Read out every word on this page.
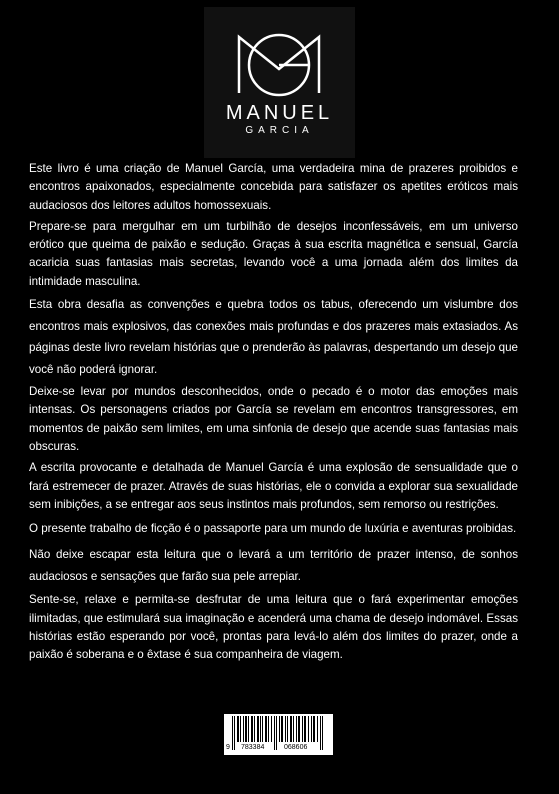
MANUEL
GARCIA

Este livro é uma criação de Manuel García, uma verdadeira mina de prazeres proibidos e encontros apaixonados, especialmente concebida para satisfazer os apetites eróticos mais audaciosos dos leitores adultos homossexuais.

Prepare-se para mergulhar em um turbilhão de desejos inconfessáveis, em um universo erótico que queima de paixão e sedução. Graças à sua escrita magnética e sensual, García acaricia suas fantasias mais secretas, levando você a uma jornada além dos limites da intimidade masculina.

Esta obra desafia as convenções e quebra todos os tabus, oferecendo um vislumbre dos encontros mais explosivos, das conexões mais profundas e dos prazeres mais extasiados. As páginas deste livro revelam histórias que o prenderão às palavras, despertando um desejo que você não poderá ignorar.

Deixe-se levar por mundos desconhecidos, onde o pecado é o motor das emoções mais intensas. Os personagens criados por García se revelam em encontros transgressores, em momentos de paixão sem limites, em uma sinfonia de desejo que acende suas fantasias mais obscuras.

A escrita provocante e detalhada de Manuel García é uma explosão de sensualidade que o fará estremecer de prazer. Através de suas histórias, ele o convida a explorar sua sexualidade sem inibições, a se entregar aos seus instintos mais profundos, sem remorso ou restrições.

O presente trabalho de ficção é o passaporte para um mundo de luxúria e aventuras proibidas.

Não deixe escapar esta leitura que o levará a um território de prazer intenso, de sonhos audaciosos e sensações que farão sua pele arrepiar.

Sente-se, relaxe e permita-se desfrutar de uma leitura que o fará experimentar emoções ilimitadas, que estimulará sua imaginação e acenderá uma chama de desejo indomável. Essas histórias estão esperando por você, prontas para levá-lo além dos limites do prazer, onde a paixão é soberana e o êxtase é sua companheira de viagem.

9 783384	068606
